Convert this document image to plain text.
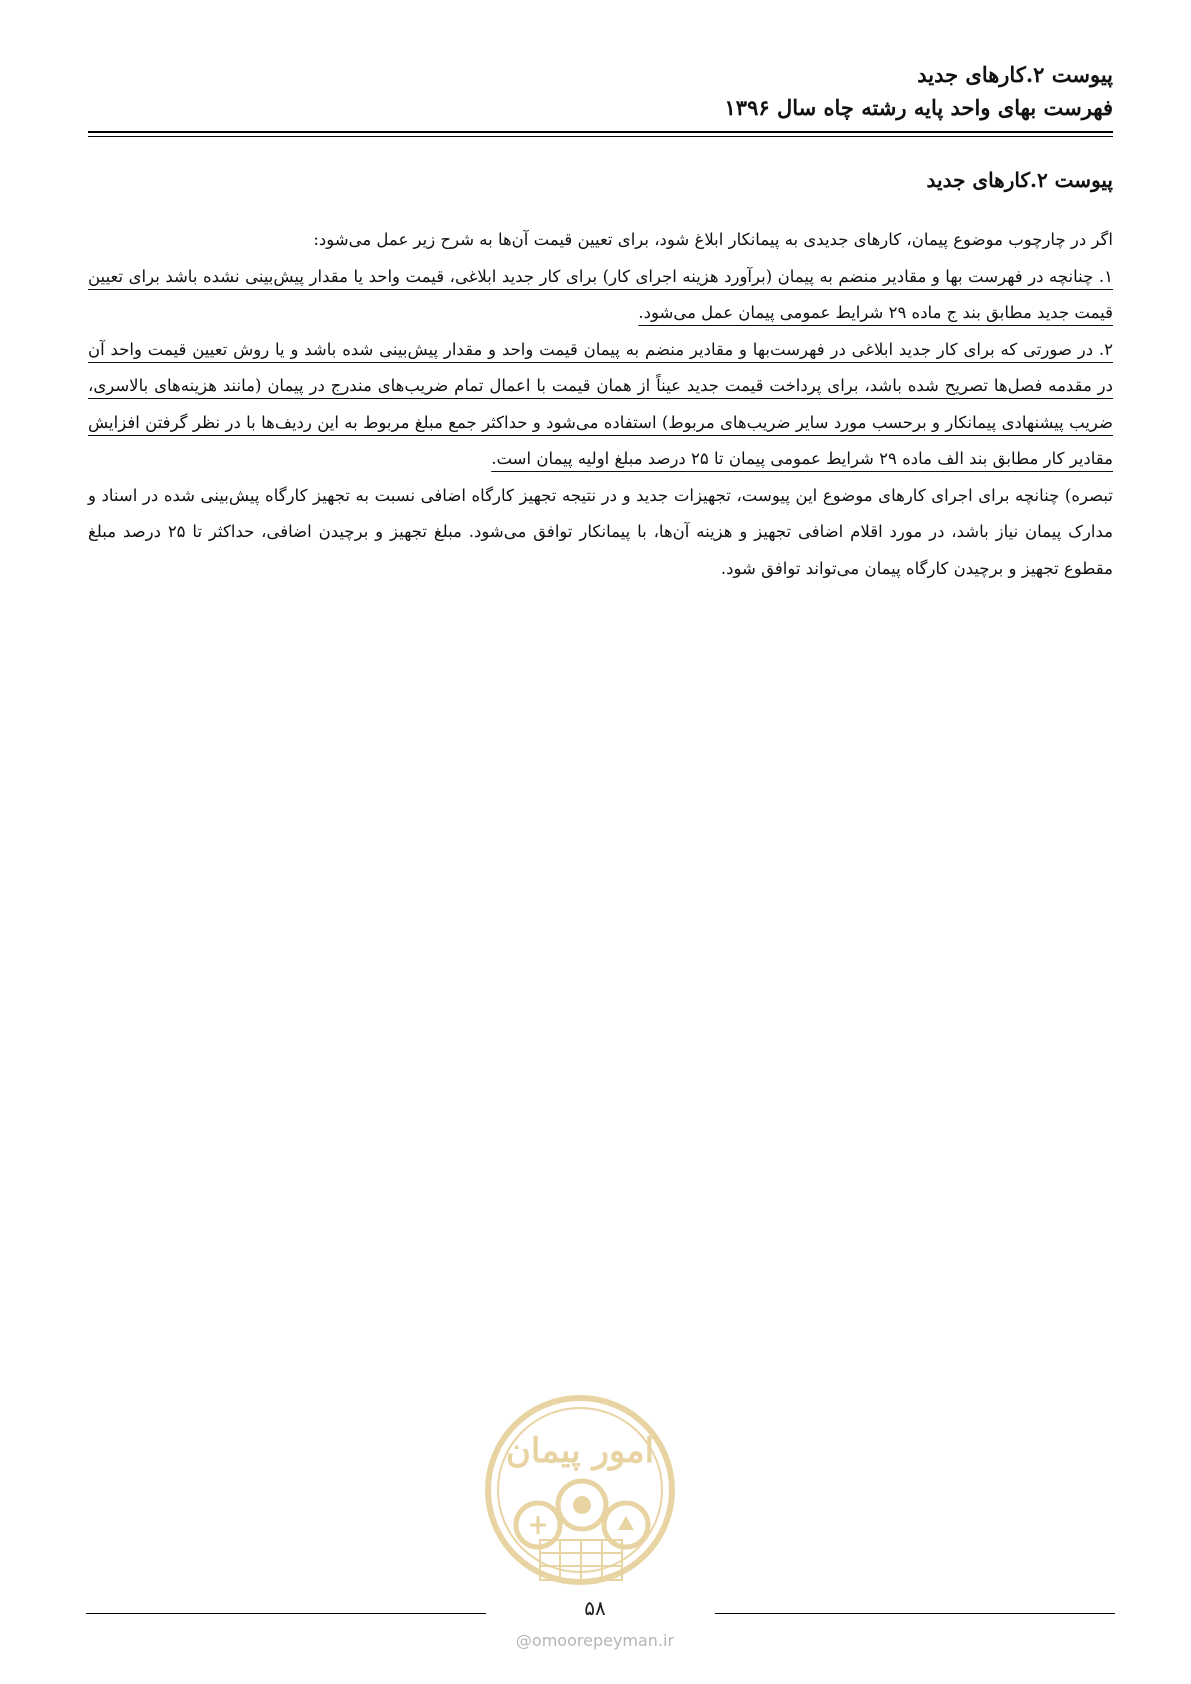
پیوست ۲.کارهای جدید
فهرست بهای واحد پایه رشته چاه سال ۱۳۹۶
پیوست ۲.کارهای جدید

اگر در چارچوب موضوع پیمان، کارهای جدیدی به پیمانکار ابلاغ شود، برای تعیین قیمت آن‌ها به شرح زیر عمل می‌شود:

۱. چنانچه در فهرست بها و مقادیر منضم به پیمان (برآورد هزینه اجرای کار) برای کار جدید ابلاغی، قیمت واحد یا مقدار پیش‌بینی نشده باشد برای تعیین قیمت جدید مطابق بند ج ماده ۲۹ شرایط عمومی پیمان عمل می‌شود.

۲. در صورتی که برای کار جدید ابلاغی در فهرست‌بها و مقادیر منضم به پیمان قیمت واحد و مقدار پیش‌بینی شده باشد و یا روش تعیین قیمت واحد آن در مقدمه فصل‌ها تصریح شده باشد، برای پرداخت قیمت جدید عیناً از همان قیمت با اعمال تمام ضریب‌های مندرج در پیمان (مانند هزینه‌های بالاسری، ضریب پیشنهادی پیمانکار و برحسب مورد سایر ضریب‌های مربوط) استفاده می‌شود و حداکثر جمع مبلغ مربوط به این ردیف‌ها با در نظر گرفتن افزایش مقادیر کار مطابق بند الف ماده ۲۹ شرایط عمومی پیمان تا ۲۵ درصد مبلغ اولیه پیمان است.

تبصره) چنانچه برای اجرای کارهای موضوع این پیوست، تجهیزات جدید و در نتیجه تجهیز کارگاه اضافی نسبت به تجهیز کارگاه پیش‌بینی شده در اسناد و مدارک پیمان نیاز باشد، در مورد اقلام اضافی تجهیز و هزینه آن‌ها، با پیمانکار توافق می‌شود. مبلغ تجهیز و برچیدن اضافی، حداکثر تا ۲۵ درصد مبلغ مقطوع تجهیز و برچیدن کارگاه پیمان می‌تواند توافق شود.

امور پیمان
۵۸
@omoorepeyman.ir
